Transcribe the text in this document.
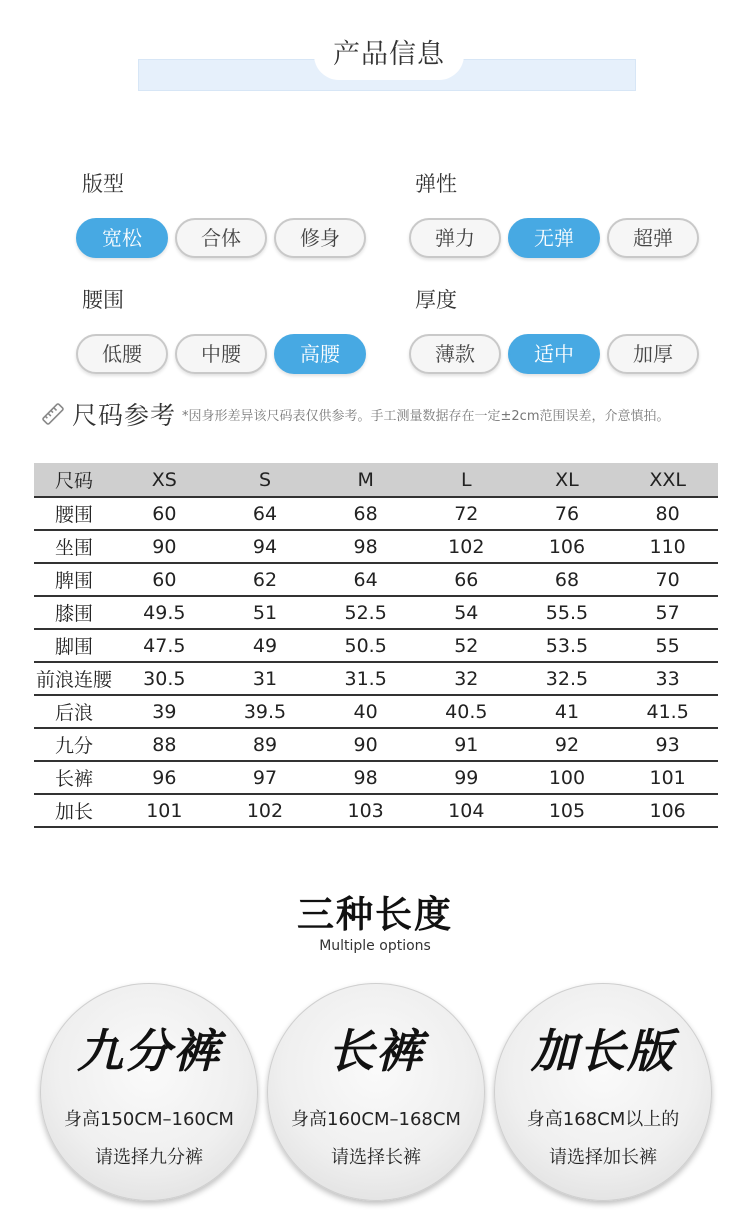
产品信息
版型
宽松	合体	修身
弹性
弹力	无弹	超弹
腰围
低腰	中腰	高腰
厚度
薄款	适中	加厚
尺码参考 *因身形差异该尺码表仅供参考。手工测量数据存在一定±2cm范围误差，介意慎拍。
尺码	XS	S	M	L	XL	XXL
腰围	60	64	68	72	76	80
坐围	90	94	98	102	106	110
脾围	60	62	64	66	68	70
膝围	49.5	51	52.5	54	55.5	57
脚围	47.5	49	50.5	52	53.5	55
前浪连腰	30.5	31	31.5	32	32.5	33
后浪	39	39.5	40	40.5	41	41.5
九分	88	89	90	91	92	93
长裤	96	97	98	99	100	101
加长	101	102	103	104	105	106
三种长度
Multiple options
九分裤
身高150CM–160CM
请选择九分裤
长裤
身高160CM–168CM
请选择长裤
加长版
身高168CM以上的
请选择加长裤
